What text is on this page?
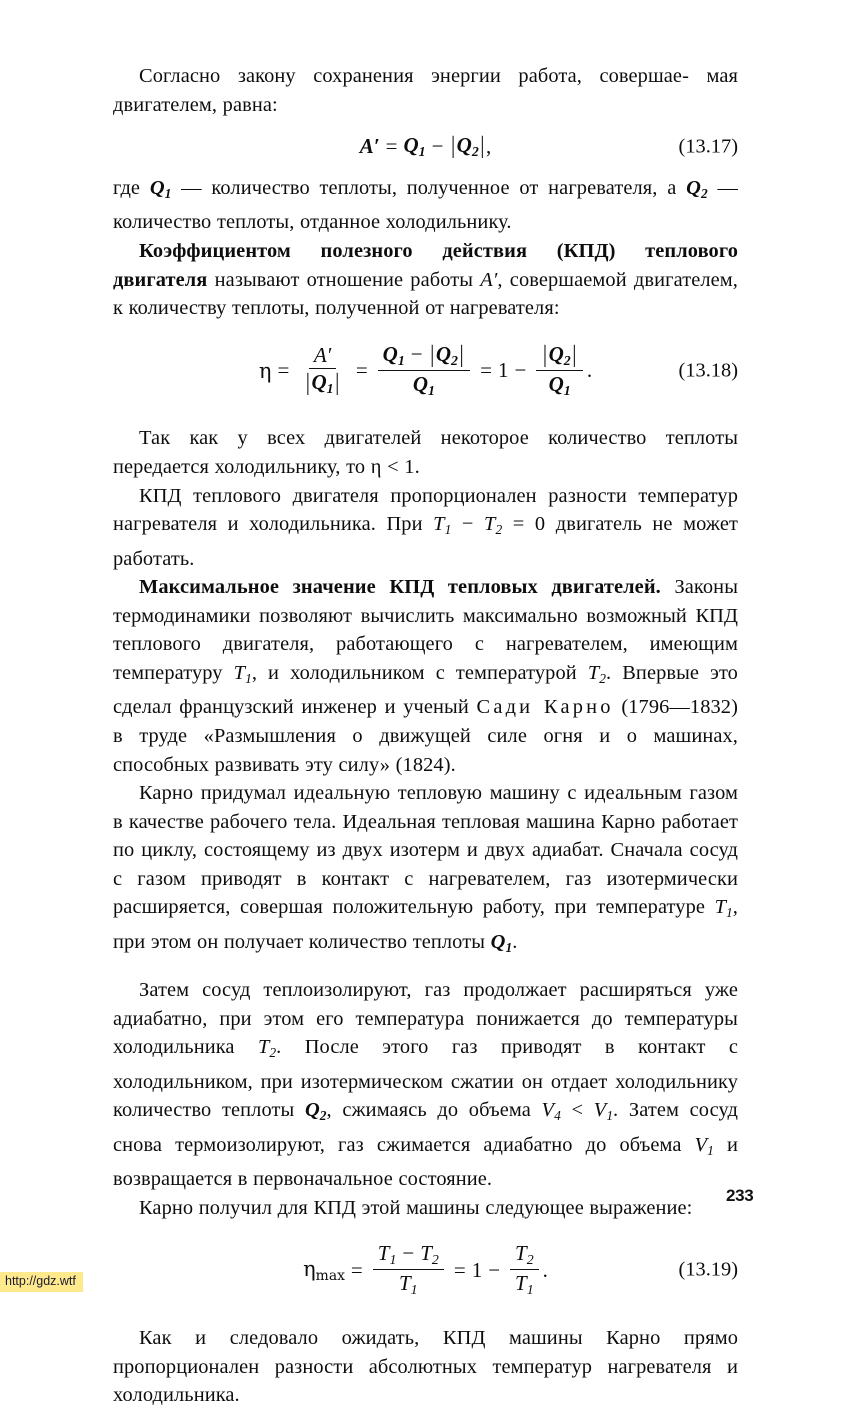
Согласно закону сохранения энергии работа, совершае- мая двигателем, равна:

$A' = Q_1 - |Q_2|$ ,	(13.17)

где $Q_1$ — количество теплоты, полученное от нагревателя, а $Q_2$ — количество теплоты, отданное холодильнику.

Коэффициентом полезного действия (КПД) теплового двигателя называют отношение работы A′, совершаемой двигателем, к количеству теплоты, полученной от нагревателя:

$\eta = \frac{A'}{|Q_1|} = \frac{Q_1 - |Q_2|}{Q_1} = 1 - \frac{|Q_2|}{Q_1}$ .	(13.18)

Так как у всех двигателей некоторое количество теплоты передается холодильнику, то η < 1.

КПД теплового двигателя пропорционален разности температур нагревателя и холодильника. При $T_1 - T_2 = 0$ двигатель не может работать.

Максимальное значение КПД тепловых двигателей. Законы термодинамики позволяют вычислить максимально возможный КПД теплового двигателя, работающего с нагревателем, имеющим температуру $T_1$, и холодильником с температурой $T_2$. Впервые это сделал французский инженер и ученый Сади Карно (1796—1832) в труде «Размышления о движущей силе огня и о машинах, способных развивать эту силу» (1824).

Карно придумал идеальную тепловую машину с идеальным газом в качестве рабочего тела. Идеальная тепловая машина Карно работает по циклу, состоящему из двух изотерм и двух адиабат. Сначала сосуд с газом приводят в контакт с нагревателем, газ изотермически расширяется, совершая положительную работу, при температуре $T_1$, при этом он получает количество теплоты $Q_1$.

Затем сосуд теплоизолируют, газ продолжает расширяться уже адиабатно, при этом его температура понижается до температуры холодильника $T_2$. После этого газ приводят в контакт с холодильником, при изотермическом сжатии он отдает холодильнику количество теплоты $Q_2$, сжимаясь до объема $V_4 < V_1$. Затем сосуд снова термоизолируют, газ сжимается адиабатно до объема $V_1$ и возвращается в первоначальное состояние.

Карно получил для КПД этой машины следующее выражение:

$\eta_{max} = \frac{T_1 - T_2}{T_1} = 1 - \frac{T_2}{T_1}$ .	(13.19)

Как и следовало ожидать, КПД машины Карно прямо пропорционален разности абсолютных температур нагревателя и холодильника.

233
http://gdz.wtf
